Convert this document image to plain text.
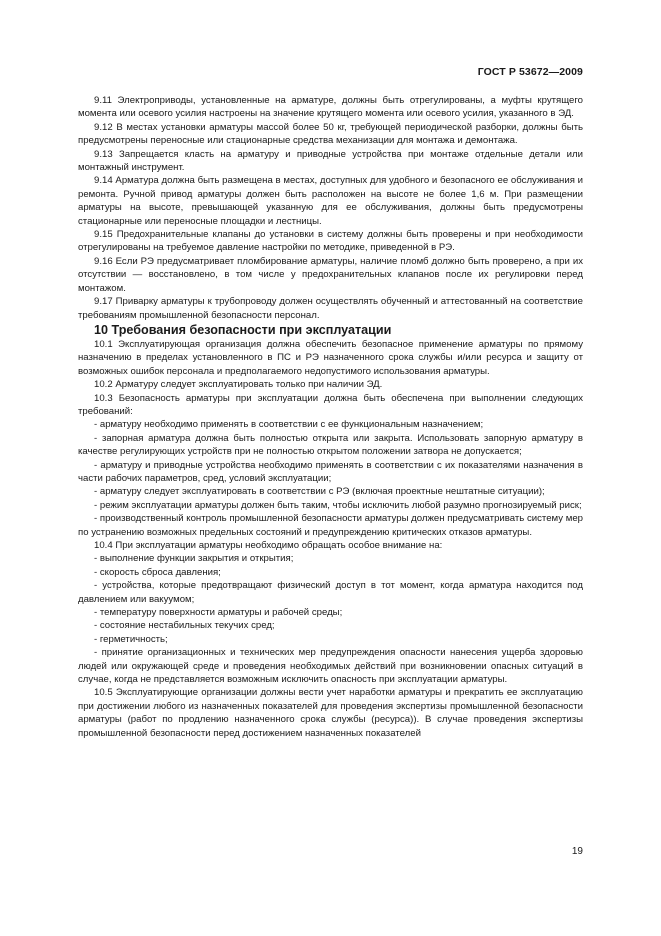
ГОСТ Р 53672—2009

9.11 Электроприводы, установленные на арматуре, должны быть отрегулированы, а муфты крутящего момента или осевого усилия настроены на значение крутящего момента или осевого усилия, указанного в ЭД.

9.12 В местах установки арматуры массой более 50 кг, требующей периодической разборки, должны быть предусмотрены переносные или стационарные средства механизации для монтажа и демонтажа.

9.13 Запрещается класть на арматуру и приводные устройства при монтаже отдельные детали или монтажный инструмент.

9.14 Арматура должна быть размещена в местах, доступных для удобного и безопасного ее обслуживания и ремонта. Ручной привод арматуры должен быть расположен на высоте не более 1,6 м. При размещении арматуры на высоте, превышающей указанную для ее обслуживания, должны быть предусмотрены стационарные или переносные площадки и лестницы.

9.15 Предохранительные клапаны до установки в систему должны быть проверены и при необходимости отрегулированы на требуемое давление настройки по методике, приведенной в РЭ.

9.16 Если РЭ предусматривает пломбирование арматуры, наличие пломб должно быть проверено, а при их отсутствии — восстановлено, в том числе у предохранительных клапанов после их регулировки перед монтажом.

9.17 Приварку арматуры к трубопроводу должен осуществлять обученный и аттестованный на соответствие требованиям промышленной безопасности персонал.

10 Требования безопасности при эксплуатации

10.1 Эксплуатирующая организация должна обеспечить безопасное применение арматуры по прямому назначению в пределах установленного в ПС и РЭ назначенного срока службы и/или ресурса и защиту от возможных ошибок персонала и предполагаемого недопустимого использования арматуры.

10.2 Арматуру следует эксплуатировать только при наличии ЭД.

10.3 Безопасность арматуры при эксплуатации должна быть обеспечена при выполнении следующих требований:

- арматуру необходимо применять в соответствии с ее функциональным назначением;

- запорная арматура должна быть полностью открыта или закрыта. Использовать запорную арматуру в качестве регулирующих устройств при не полностью открытом положении затвора не допускается;

- арматуру и приводные устройства необходимо применять в соответствии с их показателями назначения в части рабочих параметров, сред, условий эксплуатации;

- арматуру следует эксплуатировать в соответствии с РЭ (включая проектные нештатные ситуации);

- режим эксплуатации арматуры должен быть таким, чтобы исключить любой разумно прогнозируемый риск;

- производственный контроль промышленной безопасности арматуры должен предусматривать систему мер по устранению возможных предельных состояний и предупреждению критических отказов арматуры.

10.4 При эксплуатации арматуры необходимо обращать особое внимание на:

- выполнение функции закрытия и открытия;

- скорость сброса давления;

- устройства, которые предотвращают физический доступ в тот момент, когда арматура находится под давлением или вакуумом;

- температуру поверхности арматуры и рабочей среды;

- состояние нестабильных текучих сред;

- герметичность;

- принятие организационных и технических мер предупреждения опасности нанесения ущерба здоровью людей или окружающей среде и проведения необходимых действий при возникновении опасных ситуаций в случае, когда не представляется возможным исключить опасность при эксплуатации арматуры.

10.5 Эксплуатирующие организации должны вести учет наработки арматуры и прекратить ее эксплуатацию при достижении любого из назначенных показателей для проведения экспертизы промышленной безопасности арматуры (работ по продлению назначенного срока службы (ресурса)). В случае проведения экспертизы промышленной безопасности перед достижением назначенных показателей

19
